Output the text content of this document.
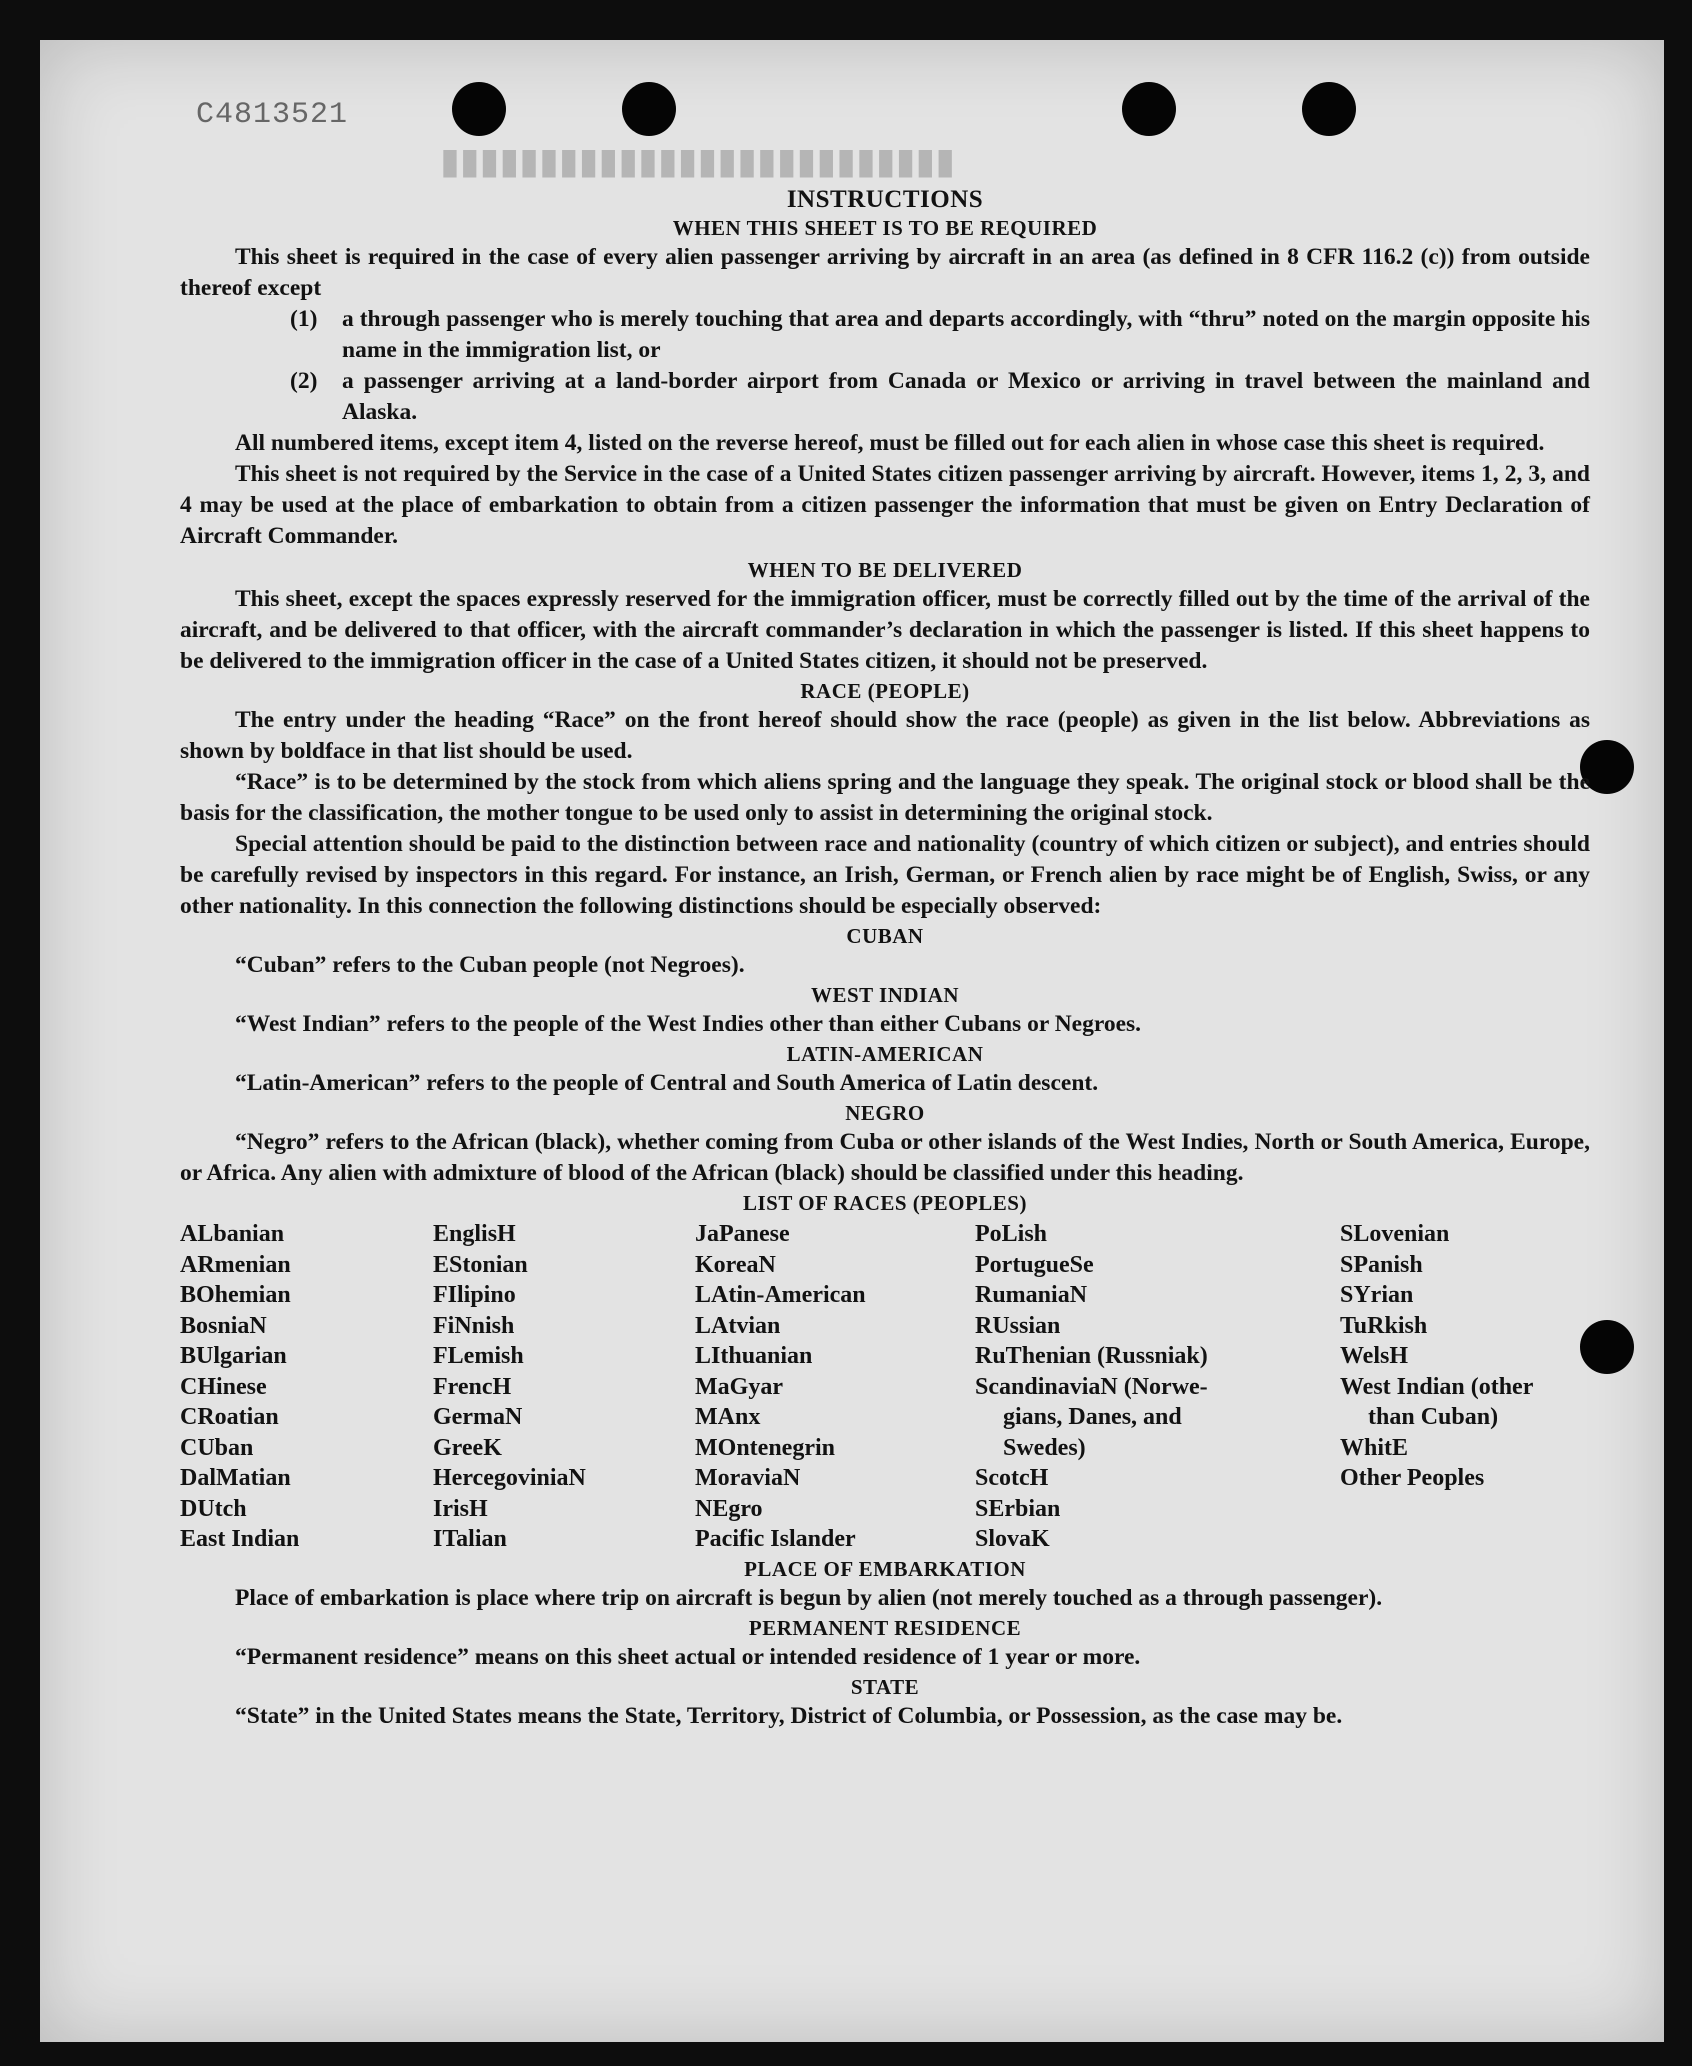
C4813521
▮▮▮▮▮▮▮▮▮▮▮▮▮▮▮▮▮▮▮▮▮▮▮▮▮▮
INSTRUCTIONS
WHEN THIS SHEET IS TO BE REQUIRED

This sheet is required in the case of every alien passenger arriving by aircraft in an area (as defined in 8 CFR 116.2 (c)) from outside thereof except

(1)	a through passenger who is merely touching that area and departs accordingly, with “thru” noted on the margin opposite his name in the immigration list, or
(2)	a passenger arriving at a land-border airport from Canada or Mexico or arriving in travel between the mainland and Alaska.

All numbered items, except item 4, listed on the reverse hereof, must be filled out for each alien in whose case this sheet is required.

This sheet is not required by the Service in the case of a United States citizen passenger arriving by aircraft. However, items 1, 2, 3, and 4 may be used at the place of embarkation to obtain from a citizen passenger the information that must be given on Entry Declaration of Aircraft Commander.

WHEN TO BE DELIVERED

This sheet, except the spaces expressly reserved for the immigration officer, must be correctly filled out by the time of the arrival of the aircraft, and be delivered to that officer, with the aircraft commander’s declaration in which the passenger is listed. If this sheet happens to be delivered to the immigration officer in the case of a United States citizen, it should not be preserved.

RACE (PEOPLE)

The entry under the heading “Race” on the front hereof should show the race (people) as given in the list below. Abbreviations as shown by boldface in that list should be used.

“Race” is to be determined by the stock from which aliens spring and the language they speak. The original stock or blood shall be the basis for the classification, the mother tongue to be used only to assist in determining the original stock.

Special attention should be paid to the distinction between race and nationality (country of which citizen or subject), and entries should be carefully revised by inspectors in this regard. For instance, an Irish, German, or French alien by race might be of English, Swiss, or any other nationality. In this connection the following distinctions should be especially observed:

CUBAN

“Cuban” refers to the Cuban people (not Negroes).

WEST INDIAN

“West Indian” refers to the people of the West Indies other than either Cubans or Negroes.

LATIN-AMERICAN

“Latin-American” refers to the people of Central and South America of Latin descent.

NEGRO

“Negro” refers to the African (black), whether coming from Cuba or other islands of the West Indies, North or South America, Europe, or Africa. Any alien with admixture of blood of the African (black) should be classified under this heading.

LIST OF RACES (PEOPLES)
ALbanian
ARmenian
BOhemian
BosniaN
BUlgarian
CHinese
CRoatian
CUban
DalMatian
DUtch
East Indian
EnglisH
EStonian
FIlipino
FiNnish
FLemish
FrencH
GermaN
GreeK
HercegoviniaN
IrisH
ITalian
JaPanese
KoreaN
LAtin-American
LAtvian
LIthuanian
MaGyar
MAnx
MOntenegrin
MoraviaN
NEgro
Pacific Islander
PoLish
PortugueSe
RumaniaN
RUssian
RuThenian (Russniak)
ScandinaviaN (Norwe-
gians, Danes, and
Swedes)
ScotcH
SErbian
SlovaK
SLovenian
SPanish
SYrian
TuRkish
WelsH
West Indian (other
than Cuban)
WhitE
Other Peoples
PLACE OF EMBARKATION

Place of embarkation is place where trip on aircraft is begun by alien (not merely touched as a through passenger).

PERMANENT RESIDENCE

“Permanent residence” means on this sheet actual or intended residence of 1 year or more.

STATE

“State” in the United States means the State, Territory, District of Columbia, or Possession, as the case may be.
